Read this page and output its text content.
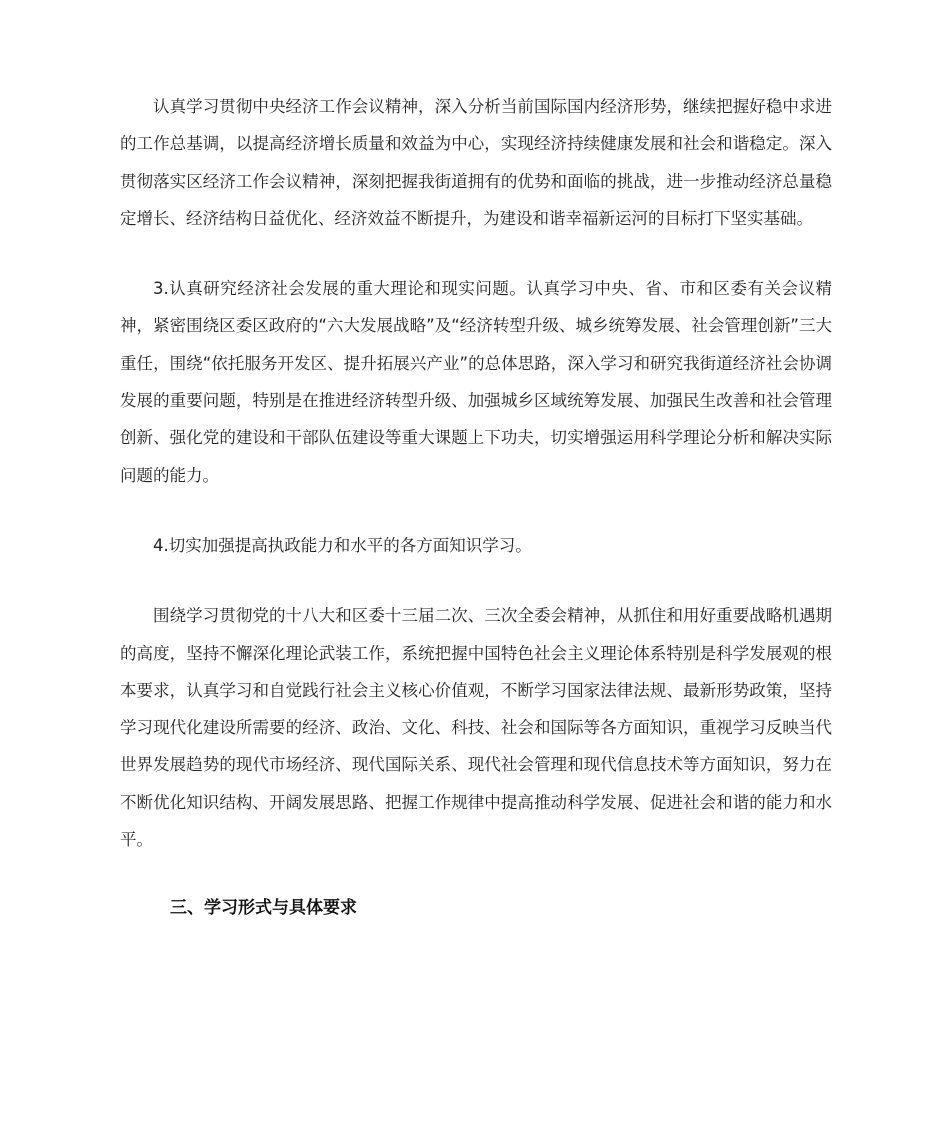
认真学习贯彻中央经济工作会议精神，深入分析当前国际国内经济形势，继续把握好稳中求进的工作总基调，以提高经济增长质量和效益为中心，实现经济持续健康发展和社会和谐稳定。深入贯彻落实区经济工作会议精神，深刻把握我街道拥有的优势和面临的挑战，进一步推动经济总量稳定增长、经济结构日益优化、经济效益不断提升，为建设和谐幸福新运河的目标打下坚实基础。

3.认真研究经济社会发展的重大理论和现实问题。认真学习中央、省、市和区委有关会议精神，紧密围绕区委区政府的“六大发展战略”及“经济转型升级、城乡统筹发展、社会管理创新”三大重任，围绕“依托服务开发区、提升拓展兴产业”的总体思路，深入学习和研究我街道经济社会协调发展的重要问题，特别是在推进经济转型升级、加强城乡区域统筹发展、加强民生改善和社会管理创新、强化党的建设和干部队伍建设等重大课题上下功夫，切实增强运用科学理论分析和解决实际问题的能力。

4.切实加强提高执政能力和水平的各方面知识学习。

围绕学习贯彻党的十八大和区委十三届二次、三次全委会精神，从抓住和用好重要战略机遇期的高度，坚持不懈深化理论武装工作，系统把握中国特色社会主义理论体系特别是科学发展观的根本要求，认真学习和自觉践行社会主义核心价值观，不断学习国家法律法规、最新形势政策，坚持学习现代化建设所需要的经济、政治、文化、科技、社会和国际等各方面知识，重视学习反映当代世界发展趋势的现代市场经济、现代国际关系、现代社会管理和现代信息技术等方面知识，努力在不断优化知识结构、开阔发展思路、把握工作规律中提高推动科学发展、促进社会和谐的能力和水平。

三、学习形式与具体要求
